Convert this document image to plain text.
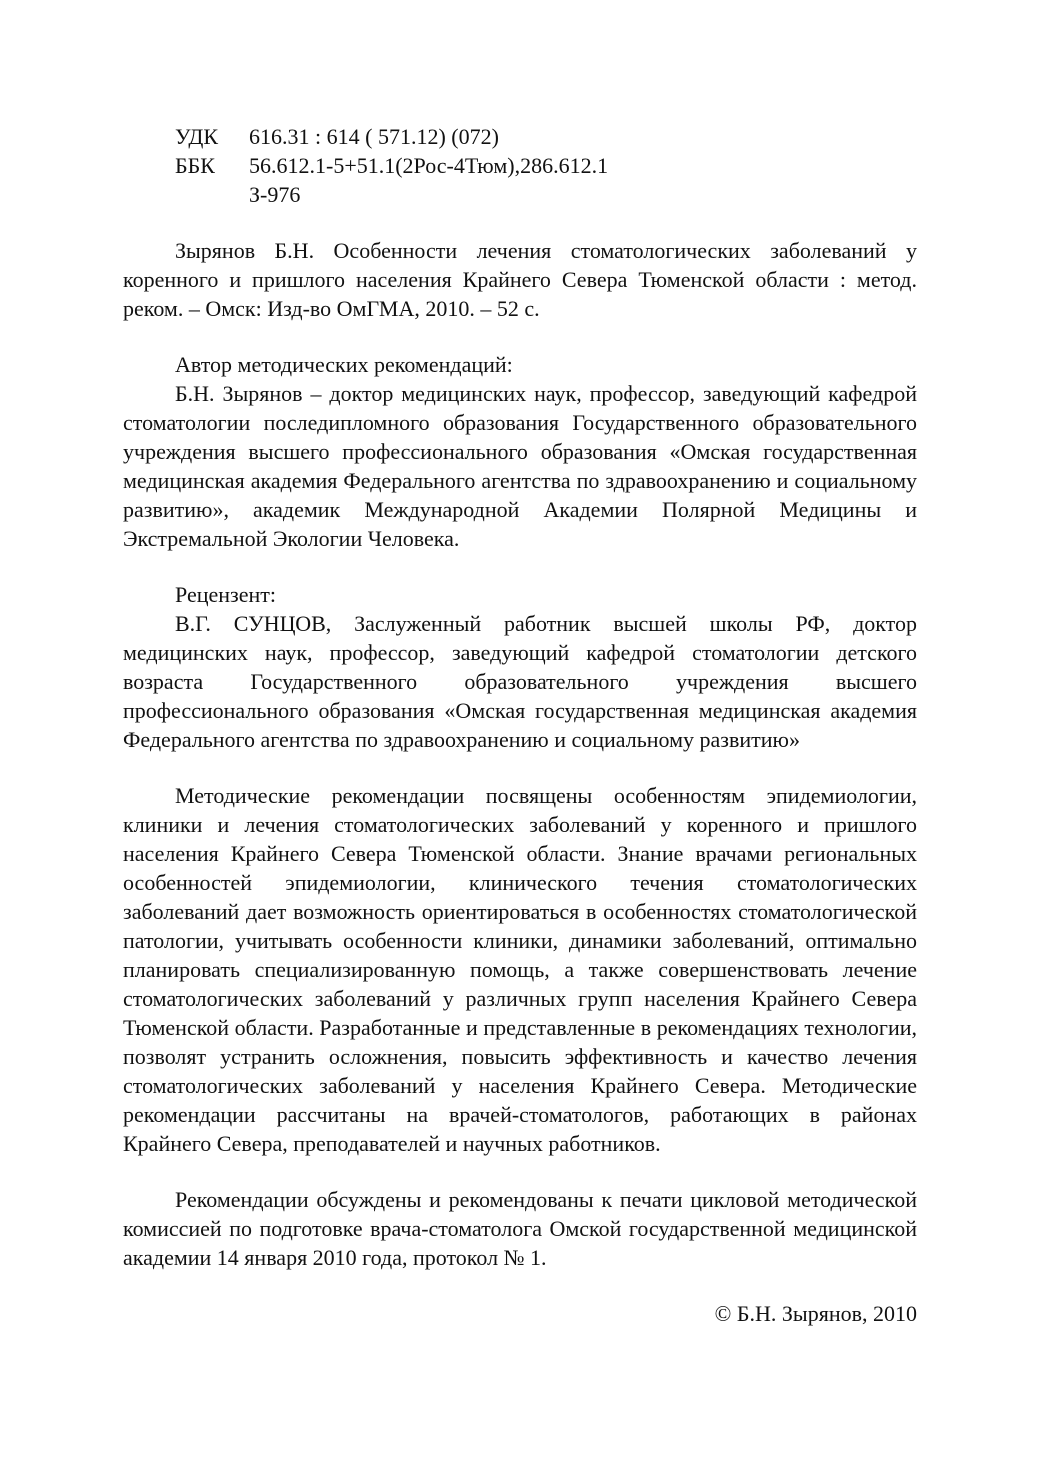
УДК	616.31 : 614 ( 571.12) (072)
ББК	56.612.1-5+51.1(2Рос-4Тюм),286.612.1
З-976

Зырянов Б.Н. Особенности лечения стоматологических заболеваний у коренного и пришлого населения Крайнего Севера Тюменской области : метод. реком. – Омск: Изд-во ОмГМА, 2010. – 52 с.

Автор методических рекомендаций:

Б.Н. Зырянов – доктор медицинских наук, профессор, заведующий кафедрой стоматологии последипломного образования Государственного образовательного учреждения высшего профессионального образования «Омская государственная медицинская академия Федерального агентства по здравоохранению и социальному развитию», академик Международной Академии Полярной Медицины и Экстремальной Экологии Человека.

Рецензент:

В.Г. СУНЦОВ, Заслуженный работник высшей школы РФ, доктор медицинских наук, профессор, заведующий кафедрой стоматологии детского возраста Государственного образовательного учреждения высшего профессионального образования «Омская государственная медицинская академия Федерального агентства по здравоохранению и социальному развитию»

Методические рекомендации посвящены особенностям эпидемиологии, клиники и лечения стоматологических заболеваний у коренного и пришлого населения Крайнего Севера Тюменской области. Знание врачами региональных особенностей эпидемиологии, клинического течения стоматологических заболеваний дает возможность ориентироваться в особенностях стоматологической патологии, учитывать особенности клиники, динамики заболеваний, оптимально планировать специализированную помощь, а также совершенствовать лечение стоматологических заболеваний у различных групп населения Крайнего Севера Тюменской области. Разработанные и представленные в рекомендациях технологии, позволят устранить осложнения, повысить эффективность и качество лечения стоматологических заболеваний у населения Крайнего Севера. Методические рекомендации рассчитаны на врачей-стоматологов, работающих в районах Крайнего Севера, преподавателей и научных работников.

Рекомендации обсуждены и рекомендованы к печати цикловой методической комиссией по подготовке врача-стоматолога Омской государственной медицинской академии 14 января 2010 года, протокол № 1.

© Б.Н. Зырянов, 2010
